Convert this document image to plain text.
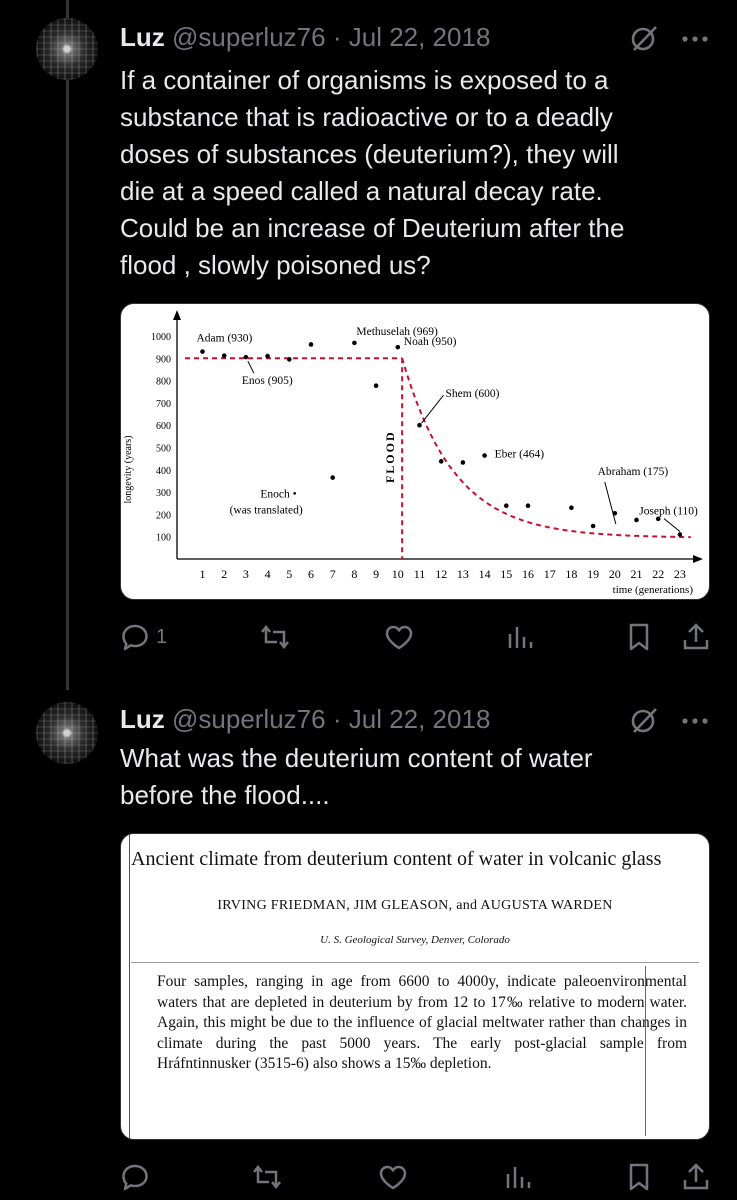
Luz @superluz76 · Jul 22, 2018
If a container of organisms is exposed to a
substance that is radioactive or to a deadly
doses of substances (deuterium?), they will
die at a speed called a natural decay rate.
Could be an increase of Deuterium after the
flood , slowly poisoned us?
100
200
300
400
500
600
700
800
900
1000
1 2 3 4 5 6 7 8 9 10 11 12 13 14 15 16 17 18 19 20 21 22 23
time (generations)
longevity (years)	FLOOD
Adam (930)
Enos (905)
Methuselah (969)
Noah (950)
Enoch •
(was translated)
Shem (600)
Eber (464)
Abraham (175)
Joseph (110)
1
Luz @superluz76 · Jul 22, 2018
What was the deuterium content of water
before the flood....
Ancient climate from deuterium content of water in volcanic glass
IRVING FRIEDMAN, JIM GLEASON, and AUGUSTA WARDEN
U. S. Geological Survey, Denver, Colorado
Four samples, ranging in age from 6600 to 4000y, indicate paleoenvironmental waters that are depleted in deuterium by from 12 to 17‰ relative to modern water. Again, this might be due to the influence of glacial meltwater rather than changes in climate during the past 5000 years. The early post-glacial sample from Hráfntinnusker (3515-6) also shows a 15‰ depletion.
